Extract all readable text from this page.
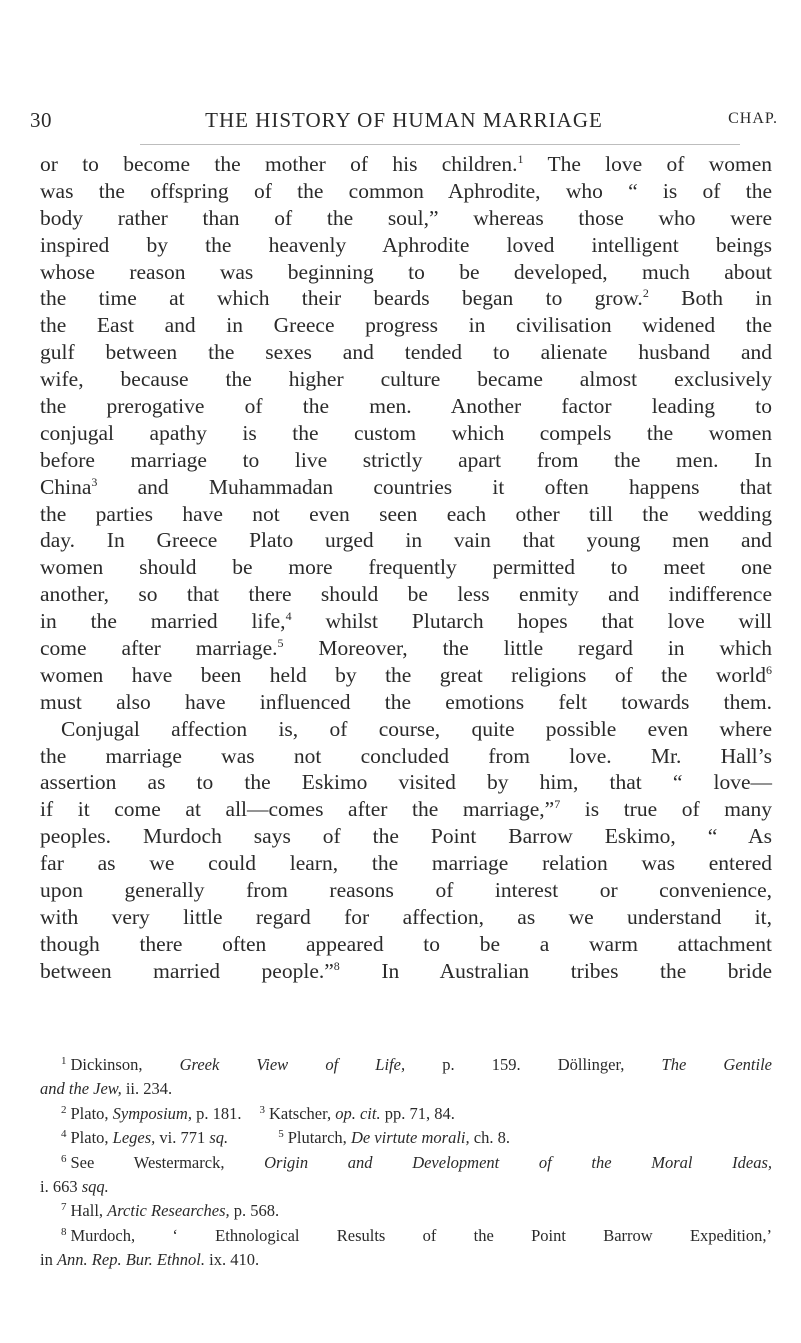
30	THE HISTORY OF HUMAN MARRIAGE	CHAP.
or to become the mother of his children.$^1$ The love of women
was the offspring of the common Aphrodite, who “ is of the
body rather than of the soul,” whereas those who were
inspired by the heavenly Aphrodite loved intelligent beings
whose reason was beginning to be developed, much about
the time at which their beards began to grow.$^2$ Both in
the East and in Greece progress in civilisation widened the
gulf between the sexes and tended to alienate husband and
wife, because the higher culture became almost exclusively
the prerogative of the men. Another factor leading to
conjugal apathy is the custom which compels the women
before marriage to live strictly apart from the men. In
China$^3$ and Muhammadan countries it often happens that
the parties have not even seen each other till the wedding
day. In Greece Plato urged in vain that young men and
women should be more frequently permitted to meet one
another, so that there should be less enmity and indifference
in the married life,$^4$ whilst Plutarch hopes that love will
come after marriage.$^5$ Moreover, the little regard in which
women have been held by the great religions of the world$^6$
must also have influenced the emotions felt towards them.
Conjugal affection is, of course, quite possible even where
the marriage was not concluded from love. Mr. Hall’s
assertion as to the Eskimo visited by him, that “ love—
if it come at all—comes after the marriage,”$^7$ is true of many
peoples. Murdoch says of the Point Barrow Eskimo, “ As
far as we could learn, the marriage relation was entered
upon generally from reasons of interest or convenience,
with very little regard for affection, as we understand it,
though there often appeared to be a warm attachment
between married people.”$^8$ In Australian tribes the bride
$^1$ Dickinson, Greek View of Life, p. 159. Döllinger, The Gentile
and the Jew, ii. 234.
$^2$ Plato, Symposium, p. 181. $^3$ Katscher, op. cit. pp. 71, 84.
$^4$ Plato, Leges, vi. 771 sq.	$^5$ Plutarch, De virtute morali, ch. 8.
$^6$ See Westermarck, Origin and Development of the Moral Ideas,
i. 663 sqq.
$^7$ Hall, Arctic Researches, p. 568.
$^8$ Murdoch, ‘ Ethnological Results of the Point Barrow Expedition,’
in Ann. Rep. Bur. Ethnol. ix. 410.
